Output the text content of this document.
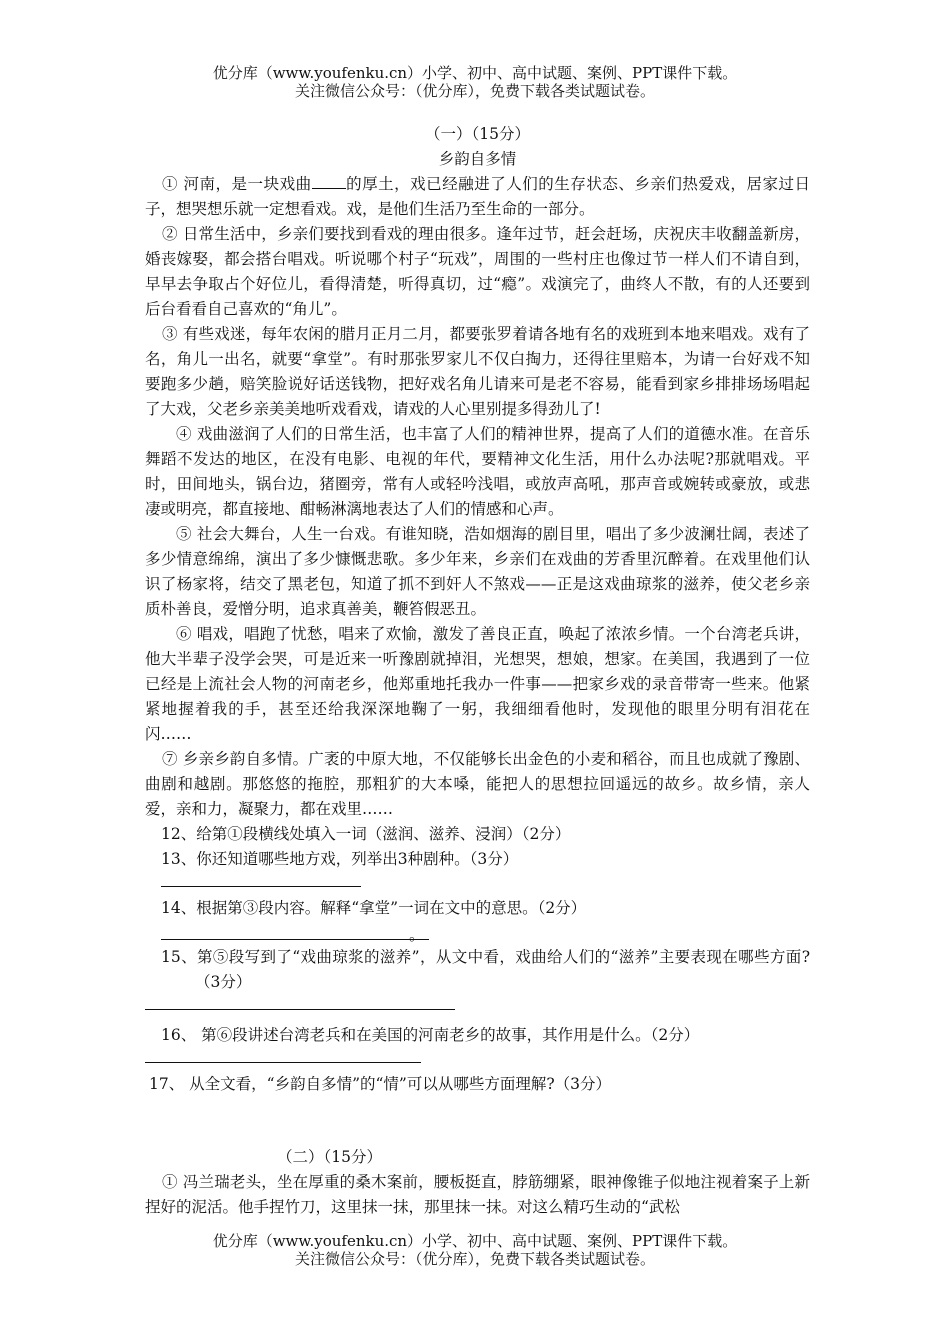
优分库（www.youfenku.cn）小学、初中、高中试题、案例、PPT课件下载。
关注微信公众号：（优分库），免费下载各类试题试卷。
（一）（15分）
乡韵自多情
① 河南，是一块戏曲 的厚土，戏已经融进了人们的生存状态、乡亲们热爱戏，居家过日子，想哭想乐就一定想看戏。戏，是他们生活乃至生命的一部分。
② 日常生活中，乡亲们要找到看戏的理由很多。逢年过节，赶会赶场，庆祝庆丰收翻盖新房，婚丧嫁娶，都会搭台唱戏。听说哪个村子“玩戏”，周围的一些村庄也像过节一样人们不请自到，早早去争取占个好位儿，看得清楚，听得真切，过“瘾”。戏演完了，曲终人不散，有的人还要到后台看看自己喜欢的“角儿”。
③ 有些戏迷，每年农闲的腊月正月二月，都要张罗着请各地有名的戏班到本地来唱戏。戏有了名，角儿一出名，就要“拿堂”。有时那张罗家儿不仅白掏力，还得往里赔本，为请一台好戏不知要跑多少趟，赔笑脸说好话送钱物，把好戏名角儿请来可是老不容易，能看到家乡排排场场唱起了大戏，父老乡亲美美地听戏看戏，请戏的人心里别提多得劲儿了!
④ 戏曲滋润了人们的日常生活，也丰富了人们的精神世界，提高了人们的道德水准。在音乐舞蹈不发达的地区，在没有电影、电视的年代，要精神文化生活，用什么办法呢?那就唱戏。平时，田间地头，锅台边，猪圈旁，常有人或轻吟浅唱，或放声高吼，那声音或婉转或豪放，或悲凄或明亮，都直接地、酣畅淋漓地表达了人们的情感和心声。
⑤ 社会大舞台，人生一台戏。有谁知晓，浩如烟海的剧目里，唱出了多少波澜壮阔，表述了多少情意绵绵，演出了多少慷慨悲歌。多少年来，乡亲们在戏曲的芳香里沉醉着。在戏里他们认识了杨家将，结交了黑老包，知道了抓不到奸人不煞戏——正是这戏曲琼浆的滋养，使父老乡亲质朴善良，爱憎分明，追求真善美，鞭笞假恶丑。
⑥ 唱戏，唱跑了忧愁，唱来了欢愉，激发了善良正直，唤起了浓浓乡情。一个台湾老兵讲，他大半辈子没学会哭，可是近来一听豫剧就掉泪，光想哭，想娘，想家。在美国，我遇到了一位已经是上流社会人物的河南老乡，他郑重地托我办一件事——把家乡戏的录音带寄一些来。他紧紧地握着我的手，甚至还给我深深地鞠了一躬，我细细看他时，发现他的眼里分明有泪花在闪……
⑦ 乡亲乡韵自多情。广袤的中原大地，不仅能够长出金色的小麦和稻谷，而且也成就了豫剧、曲剧和越剧。那悠悠的拖腔，那粗犷的大本嗓，能把人的思想拉回遥远的故乡。故乡情，亲人爱，亲和力，凝聚力，都在戏里……
12、给第①段横线处填入一词（滋润、滋养、浸润）（2分）
13、你还知道哪些地方戏，列举出3种剧种。（3分）
14、根据第③段内容。解释“拿堂”一词在文中的意思。（2分）
。
15、第⑤段写到了“戏曲琼浆的滋养”，从文中看，戏曲给人们的“滋养”主要表现在哪些方面?（3分）
16、 第⑥段讲述台湾老兵和在美国的河南老乡的故事，其作用是什么。（2分）
17、 从全文看，“乡韵自多情”的“情”可以从哪些方面理解?（3分）
（二）（15分）
① 冯兰瑞老头，坐在厚重的桑木案前，腰板挺直，脖筋绷紧，眼神像锥子似地注视着案子上新捏好的泥活。他手捏竹刀，这里抹一抹，那里抹一抹。对这么精巧生动的“武松
优分库（www.youfenku.cn）小学、初中、高中试题、案例、PPT课件下载。
关注微信公众号：（优分库），免费下载各类试题试卷。
